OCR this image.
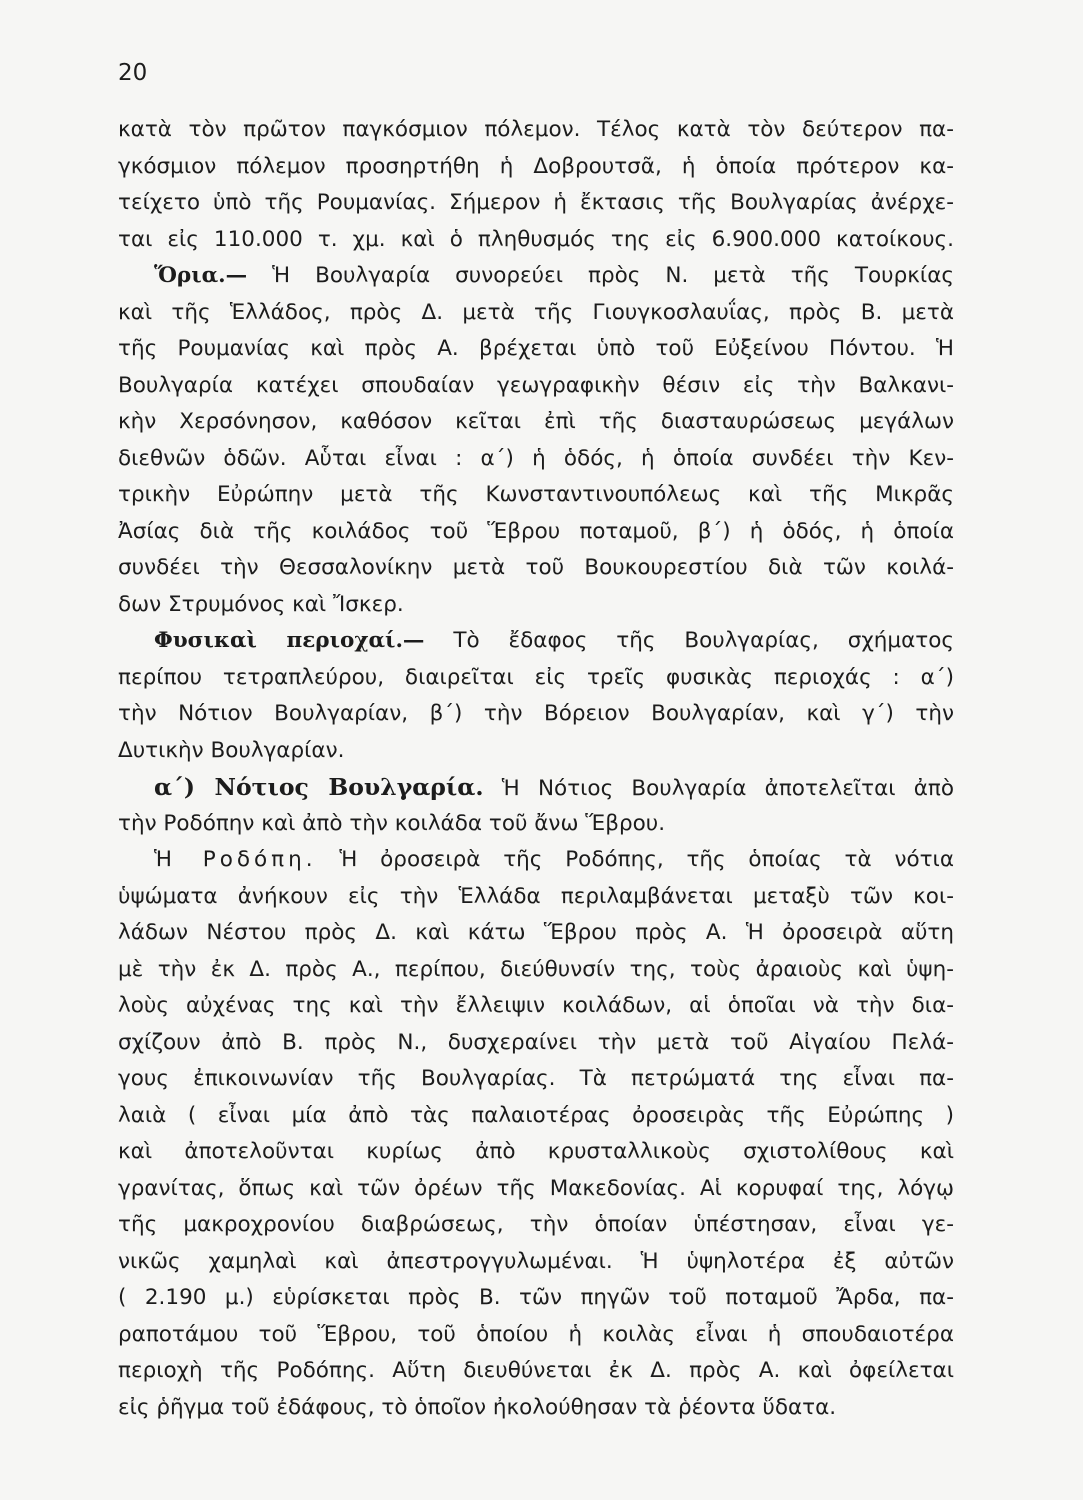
20
κατὰ τὸν πρῶτον παγκόσμιον πόλεμον. Τέλος κατὰ τὸν δεύτερον πα-
γκόσμιον πόλεμον προσηρτήθη ἡ Δοβρουτσᾶ, ἡ ὁποία πρότερον κα-
τείχετο ὑπὸ τῆς Ρουμανίας. Σήμερον ἡ ἔκτασις τῆς Βουλγαρίας ἀνέρχε-
ται εἰς 110.000 τ. χμ. καὶ ὁ πληθυσμός της εἰς 6.900.000 κατοίκους.
Ὅρια.— Ἡ Βουλγαρία συνορεύει πρὸς Ν. μετὰ τῆς Τουρκίας
καὶ τῆς Ἑλλάδος, πρὸς Δ. μετὰ τῆς Γιουγκοσλαυΐας, πρὸς Β. μετὰ
τῆς Ρουμανίας καὶ πρὸς Α. βρέχεται ὑπὸ τοῦ Εὐξείνου Πόντου. Ἡ
Βουλγαρία κατέχει σπουδαίαν γεωγραφικὴν θέσιν εἰς τὴν Βαλκανι-
κὴν Χερσόνησον, καθόσον κεῖται ἐπὶ τῆς διασταυρώσεως μεγάλων
διεθνῶν ὁδῶν. Αὗται εἶναι : α΄) ἡ ὁδός, ἡ ὁποία συνδέει τὴν Κεν-
τρικὴν Εὐρώπην μετὰ τῆς Κωνσταντινουπόλεως καὶ τῆς Μικρᾶς
Ἀσίας διὰ τῆς κοιλάδος τοῦ Ἕβρου ποταμοῦ, β΄) ἡ ὁδός, ἡ ὁποία
συνδέει τὴν Θεσσαλονίκην μετὰ τοῦ Βουκουρεστίου διὰ τῶν κοιλά-
δων Στρυμόνος καὶ Ἴσκερ.
Φυσικαὶ περιοχαί.— Τὸ ἔδαφος τῆς Βουλγαρίας, σχήματος
περίπου τετραπλεύρου, διαιρεῖται εἰς τρεῖς φυσικὰς περιοχάς : α΄)
τὴν Νότιον Βουλγαρίαν, β΄) τὴν Βόρειον Βουλγαρίαν, καὶ γ΄) τὴν
Δυτικὴν Βουλγαρίαν.
α΄) Νότιος Βουλγαρία. Ἡ Νότιος Βουλγαρία ἀποτελεῖται ἀπὸ
τὴν Ροδόπην καὶ ἀπὸ τὴν κοιλάδα τοῦ ἄνω Ἕβρου.
Ἡ Ροδόπη. Ἡ ὀροσειρὰ τῆς Ροδόπης, τῆς ὁποίας τὰ νότια
ὑψώματα ἀνήκουν εἰς τὴν Ἑλλάδα περιλαμβάνεται μεταξὺ τῶν κοι-
λάδων Νέστου πρὸς Δ. καὶ κάτω Ἕβρου πρὸς Α. Ἡ ὀροσειρὰ αὕτη
μὲ τὴν ἐκ Δ. πρὸς Α., περίπου, διεύθυνσίν της, τοὺς ἀραιοὺς καὶ ὑψη-
λοὺς αὐχένας της καὶ τὴν ἔλλειψιν κοιλάδων, αἱ ὁποῖαι νὰ τὴν δια-
σχίζουν ἀπὸ Β. πρὸς Ν., δυσχεραίνει τὴν μετὰ τοῦ Αἰγαίου Πελά-
γους ἐπικοινωνίαν τῆς Βουλγαρίας. Τὰ πετρώματά της εἶναι πα-
λαιὰ ( εἶναι μία ἀπὸ τὰς παλαιοτέρας ὀροσειρὰς τῆς Εὐρώπης )
καὶ ἀποτελοῦνται κυρίως ἀπὸ κρυσταλλικοὺς σχιστολίθους καὶ
γρανίτας, ὅπως καὶ τῶν ὀρέων τῆς Μακεδονίας. Αἱ κορυφαί της, λόγῳ
τῆς μακροχρονίου διαβρώσεως, τὴν ὁποίαν ὑπέστησαν, εἶναι γε-
νικῶς χαμηλαὶ καὶ ἀπεστρογγυλωμέναι. Ἡ ὑψηλοτέρα ἐξ αὐτῶν
( 2.190 μ.) εὑρίσκεται πρὸς Β. τῶν πηγῶν τοῦ ποταμοῦ Ἄρδα, πα-
ραποτάμου τοῦ Ἕβρου, τοῦ ὁποίου ἡ κοιλὰς εἶναι ἡ σπουδαιοτέρα
περιοχὴ τῆς Ροδόπης. Αὕτη διευθύνεται ἐκ Δ. πρὸς Α. καὶ ὀφείλεται
εἰς ῥῆγμα τοῦ ἐδάφους, τὸ ὁποῖον ἠκολούθησαν τὰ ῥέοντα ὕδατα.
